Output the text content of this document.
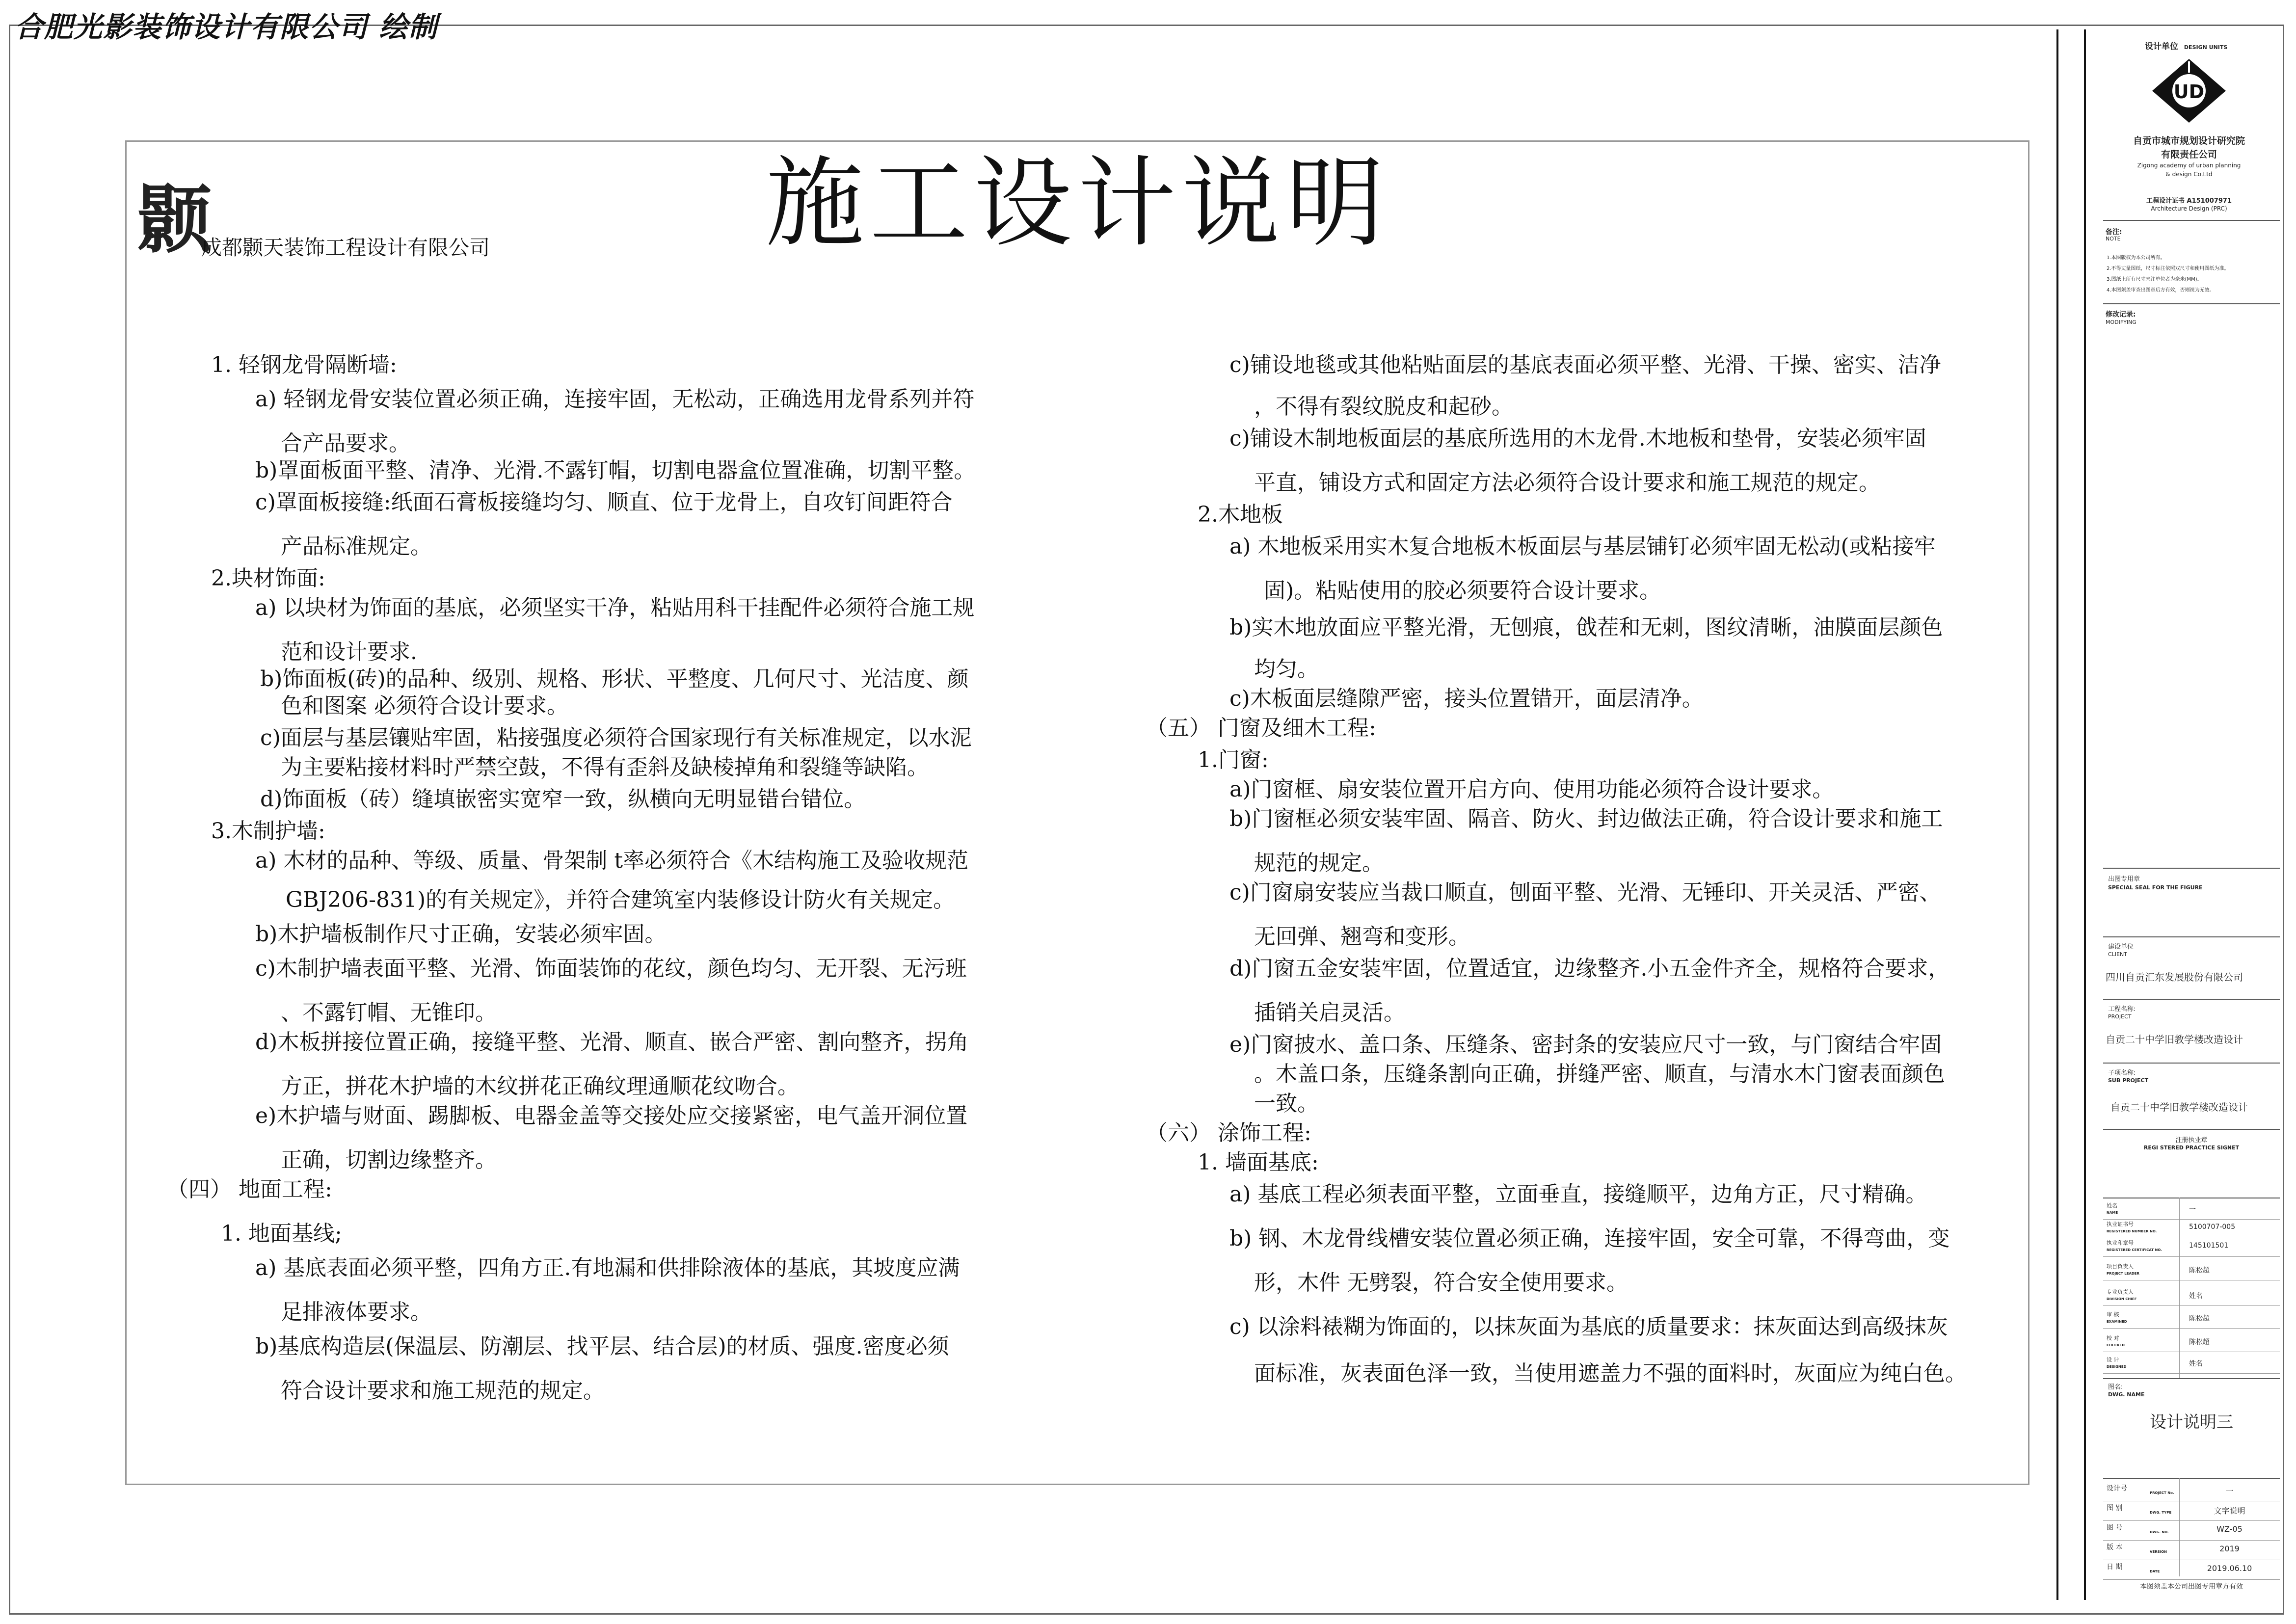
合肥光影装饰设计有限公司 绘制
颢
成都颢天装饰工程设计有限公司	施工设计说明
1. 轻钢龙骨隔断墙:
a) 轻钢龙骨安装位置必须正确，连接牢固，无松动，正确选用龙骨系列并符
合产品要求。
b)罩面板面平整、清净、光滑.不露钉帽，切割电器盒位置准确，切割平整。
c)罩面板接缝:纸面石膏板接缝均匀、顺直、位于龙骨上，自攻钉间距符合
产品标准规定。
2.块材饰面:
a) 以块材为饰面的基底，必须坚实干净，粘贴用科干挂配件必须符合施工规
范和设计要求.
b)饰面板(砖)的品种、级别、规格、形状、平整度、几何尺寸、光洁度、颜
色和图案 必须符合设计要求。
c)面层与基层镶贴牢固，粘接强度必须符合国家现行有关标准规定，以水泥
为主要粘接材料时严禁空鼓，不得有歪斜及缺棱掉角和裂缝等缺陷。
d)饰面板（砖）缝填嵌密实宽窄一致，纵横向无明显错台错位。
3.木制护墙:
a) 木材的品种、等级、质量、骨架制 t率必须符合《木结构施工及验收规范
GBJ206-831)的有关规定》，并符合建筑室内装修设计防火有关规定。
b)木护墙板制作尺寸正确，安装必须牢固。
c)木制护墙表面平整、光滑、饰面装饰的花纹，颜色均匀、无开裂、无污班
、不露钉帽、无锥印。
d)木板拼接位置正确，接缝平整、光滑、顺直、嵌合严密、割向整齐，拐角
方正，拼花木护墙的木纹拼花正确纹理通顺花纹吻合。
e)木护墙与财面、踢脚板、电器金盖等交接处应交接紧密，电气盖开洞位置
正确，切割边缘整齐。
（四） 地面工程:
1. 地面基线;
a) 基底表面必须平整，四角方正.有地漏和供排除液体的基底，其坡度应满
足排液体要求。
b)基底构造层(保温层、防潮层、找平层、结合层)的材质、强度.密度必须
符合设计要求和施工规范的规定。
c)铺设地毯或其他粘贴面层的基底表面必须平整、光滑、干操、密实、洁净
，不得有裂纹脱皮和起砂。
c)铺设木制地板面层的基底所选用的木龙骨.木地板和垫骨，安装必须牢固
平直，铺设方式和固定方法必须符合设计要求和施工规范的规定。
2.木地板
a) 木地板采用实木复合地板木板面层与基层铺钉必须牢固无松动(或粘接牢
固)。粘贴使用的胶必须要符合设计要求。
b)实木地放面应平整光滑，无刨痕，戗茬和无刺，图纹清晰，油膜面层颜色
均匀。
c)木板面层缝隙严密，接头位置错开，面层清净。
（五） 门窗及细木工程:
1.门窗:
a)门窗框、扇安装位置开启方向、使用功能必须符合设计要求。
b)门窗框必须安装牢固、隔音、防火、封边做法正确，符合设计要求和施工
规范的规定。
c)门窗扇安装应当裁口顺直，刨面平整、光滑、无锤印、开关灵活、严密、
无回弹、翘弯和变形。
d)门窗五金安装牢固，位置适宜，边缘整齐.小五金件齐全，规格符合要求，
插销关启灵活。
e)门窗披水、盖口条、压缝条、密封条的安装应尺寸一致，与门窗结合牢固
。木盖口条，压缝条割向正确，拼缝严密、顺直，与清水木门窗表面颜色
一致。
（六） 涂饰工程:
1. 墙面基底:
a) 基底工程必须表面平整，立面垂直，接缝顺平，边角方正，尺寸精确。
b) 钢、木龙骨线槽安装位置必须正确，连接牢固，安全可靠，不得弯曲，变
形，木件 无劈裂，符合安全使用要求。
c) 以涂料裱糊为饰面的，以抹灰面为基底的质量要求：抹灰面达到高级抹灰
面标准，灰表面色泽一致，当使用遮盖力不强的面料时，灰面应为纯白色。
设计单位 DESIGN UNITS
UD
自贡市城市规划设计研究院
有限责任公司
Zigong academy of urban planning
& design Co.Ltd
工程设计证书 A151007971
Architecture Design (PRC)
备注:
NOTE
1.本图版权为本公司所有。
2.不得丈量图纸，尺寸标注依照双尺寸和使用图纸为准。
3.图纸上所有尺寸未注单位者为毫米(MM)。
4.本图须盖审查出图章后方有效，否则视为无效。
修改记录:
MODIFYING
出图专用章
SPECIAL SEAL FOR THE FIGURE
建设单位
CLIENT
四川自贡汇东发展股份有限公司
工程名称:
PROJECT
自贡二十中学旧教学楼改造设计
子项名称:
SUB PROJECT
自贡二十中学旧教学楼改造设计
注册执业章
REGI STERED PRACTICE SIGNET
姓名
NAME	一
执业证书号
REGISTERED NUMBER NO.
5100707-005
执业印章号
REGISTERED CERTIFICAT NO.
145101501
项目负责人
PROJECT LEADER	陈松超
专业负责人
DIVISION CHIEF	姓名
审 核
EXAMINED	陈松超
校 对
CHECKED	陈松超
设 计
DESIGNED	姓名
图名:
DWG. NAME
设计说明三
设计号
PROJECT No.	一
图 别
DWG. TYPE	文字说明
图 号
DWG. NO.	WZ-05
版 本
VERSION	2019
日 期
DATE	2019.06.10
本图须盖本公司出图专用章方有效
